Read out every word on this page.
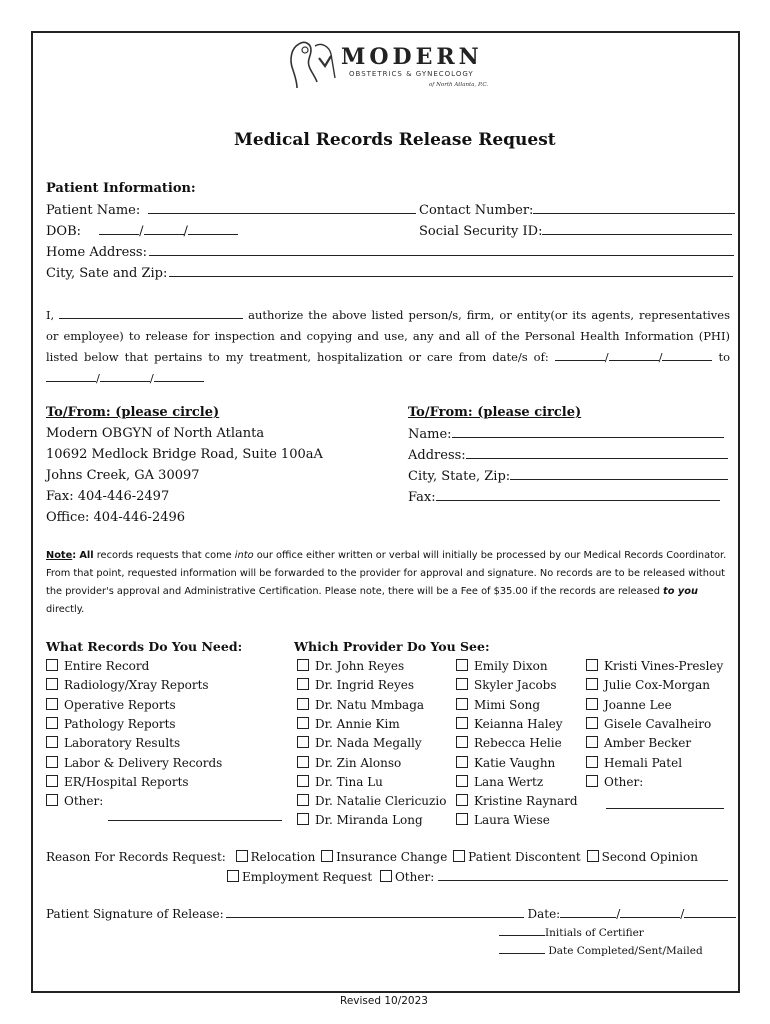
MODERN
OBSTETRICS & GYNECOLOGY
of North Atlanta, P.C.
Medical Records Release Request
Patient Information:
Patient Name:	Contact Number:
DOB:	/	/	Social Security ID:
Home Address:
City, Sate and Zip:
I,	authorize the above listed person/s, firm, or entity(or its agents, representatives or employee) to release for inspection and copying and use, any and all of the Personal Health Information (PHI) listed below that pertains to my treatment, hospitalization or care from date/s of:	/	/	to /	/
To/From: (please circle)
Modern OBGYN of North Atlanta
10692 Medlock Bridge Road, Suite 100aA
Johns Creek, GA 30097
Fax: 404-446-2497
Office: 404-446-2496
To/From: (please circle)
Name:
Address:
City, State, Zip:
Fax:
Note: All records requests that come into our office either written or verbal will initially be processed by our Medical Records Coordinator. From that point, requested information will be forwarded to the provider for approval and signature. No records are to be released without the provider's approval and Administrative Certification. Please note, there will be a Fee of $35.00 if the records are released to you directly.
What Records Do You Need:
Entire Record
Radiology/Xray Reports
Operative Reports
Pathology Reports
Laboratory Results
Labor & Delivery Records
ER/Hospital Reports
Other:
Which Provider Do You See:
Dr. John Reyes
Dr. Ingrid Reyes
Dr. Natu Mmbaga
Dr. Annie Kim
Dr. Nada Megally
Dr. Zin Alonso
Dr. Tina Lu
Dr. Natalie Clericuzio
Dr. Miranda Long
Emily Dixon
Skyler Jacobs
Mimi Song
Keianna Haley
Rebecca Helie
Katie Vaughn
Lana Wertz
Kristine Raynard
Laura Wiese
Kristi Vines-Presley
Julie Cox-Morgan
Joanne Lee
Gisele Cavalheiro
Amber Becker
Hemali Patel
Other:
Reason For Records Request: Relocation Insurance Change Patient Discontent Second Opinion
Employment Request Other:
Patient Signature of Release:	Date:	/	/
Initials of Certifier
Date Completed/Sent/Mailed
Revised 10/2023
